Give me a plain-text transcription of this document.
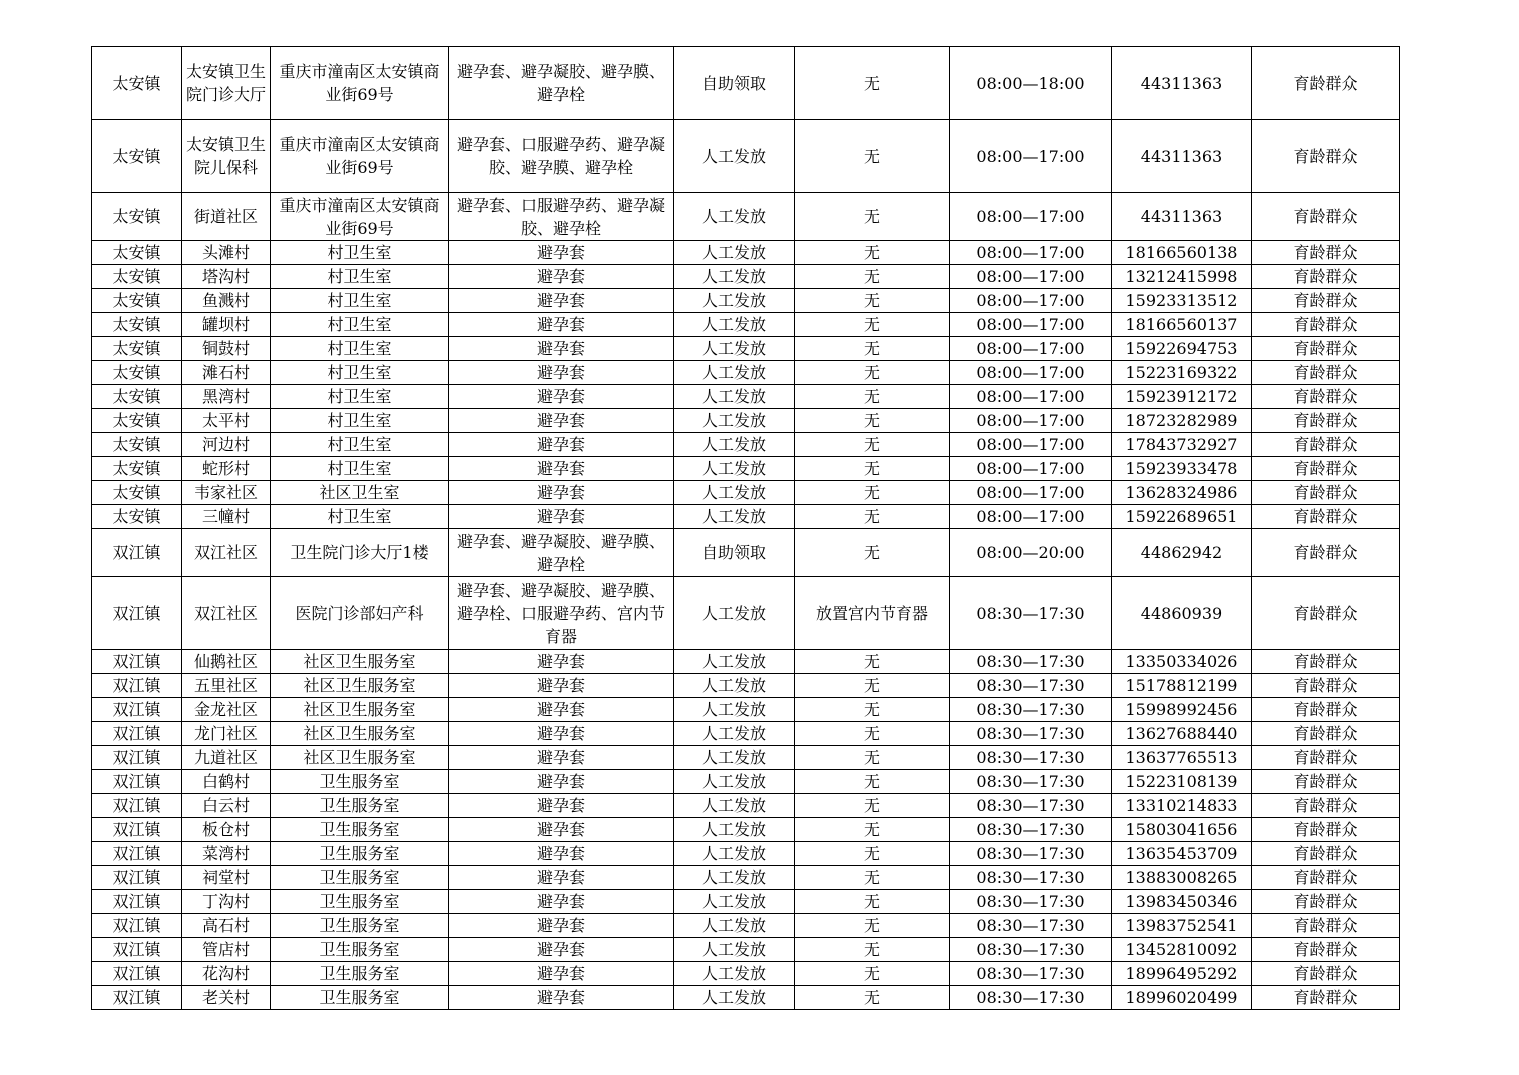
太安镇	太安镇卫生院门诊大厅	重庆市潼南区太安镇商业街69号	避孕套、避孕凝胶、避孕膜、避孕栓	自助领取	无	08:00—18:00	44311363	育龄群众
太安镇	太安镇卫生院儿保科	重庆市潼南区太安镇商业街69号	避孕套、口服避孕药、避孕凝胶、避孕膜、避孕栓	人工发放	无	08:00—17:00	44311363	育龄群众
太安镇	街道社区	重庆市潼南区太安镇商业街69号	避孕套、口服避孕药、避孕凝胶、避孕栓	人工发放	无	08:00—17:00	44311363	育龄群众
太安镇	头滩村	村卫生室	避孕套	人工发放	无	08:00—17:00	18166560138	育龄群众
太安镇	塔沟村	村卫生室	避孕套	人工发放	无	08:00—17:00	13212415998	育龄群众
太安镇	鱼溅村	村卫生室	避孕套	人工发放	无	08:00—17:00	15923313512	育龄群众
太安镇	罐坝村	村卫生室	避孕套	人工发放	无	08:00—17:00	18166560137	育龄群众
太安镇	铜鼓村	村卫生室	避孕套	人工发放	无	08:00—17:00	15922694753	育龄群众
太安镇	滩石村	村卫生室	避孕套	人工发放	无	08:00—17:00	15223169322	育龄群众
太安镇	黑湾村	村卫生室	避孕套	人工发放	无	08:00—17:00	15923912172	育龄群众
太安镇	太平村	村卫生室	避孕套	人工发放	无	08:00—17:00	18723282989	育龄群众
太安镇	河边村	村卫生室	避孕套	人工发放	无	08:00—17:00	17843732927	育龄群众
太安镇	蛇形村	村卫生室	避孕套	人工发放	无	08:00—17:00	15923933478	育龄群众
太安镇	韦家社区	社区卫生室	避孕套	人工发放	无	08:00—17:00	13628324986	育龄群众
太安镇	三幢村	村卫生室	避孕套	人工发放	无	08:00—17:00	15922689651	育龄群众
双江镇	双江社区	卫生院门诊大厅1楼	避孕套、避孕凝胶、避孕膜、避孕栓	自助领取	无	08:00—20:00	44862942	育龄群众
双江镇	双江社区	医院门诊部妇产科	避孕套、避孕凝胶、避孕膜、避孕栓、口服避孕药、宫内节育器	人工发放	放置宫内节育器	08:30—17:30	44860939	育龄群众
双江镇	仙鹅社区	社区卫生服务室	避孕套	人工发放	无	08:30—17:30	13350334026	育龄群众
双江镇	五里社区	社区卫生服务室	避孕套	人工发放	无	08:30—17:30	15178812199	育龄群众
双江镇	金龙社区	社区卫生服务室	避孕套	人工发放	无	08:30—17:30	15998992456	育龄群众
双江镇	龙门社区	社区卫生服务室	避孕套	人工发放	无	08:30—17:30	13627688440	育龄群众
双江镇	九道社区	社区卫生服务室	避孕套	人工发放	无	08:30—17:30	13637765513	育龄群众
双江镇	白鹤村	卫生服务室	避孕套	人工发放	无	08:30—17:30	15223108139	育龄群众
双江镇	白云村	卫生服务室	避孕套	人工发放	无	08:30—17:30	13310214833	育龄群众
双江镇	板仓村	卫生服务室	避孕套	人工发放	无	08:30—17:30	15803041656	育龄群众
双江镇	菜湾村	卫生服务室	避孕套	人工发放	无	08:30—17:30	13635453709	育龄群众
双江镇	祠堂村	卫生服务室	避孕套	人工发放	无	08:30—17:30	13883008265	育龄群众
双江镇	丁沟村	卫生服务室	避孕套	人工发放	无	08:30—17:30	13983450346	育龄群众
双江镇	高石村	卫生服务室	避孕套	人工发放	无	08:30—17:30	13983752541	育龄群众
双江镇	管店村	卫生服务室	避孕套	人工发放	无	08:30—17:30	13452810092	育龄群众
双江镇	花沟村	卫生服务室	避孕套	人工发放	无	08:30—17:30	18996495292	育龄群众
双江镇	老关村	卫生服务室	避孕套	人工发放	无	08:30—17:30	18996020499	育龄群众
